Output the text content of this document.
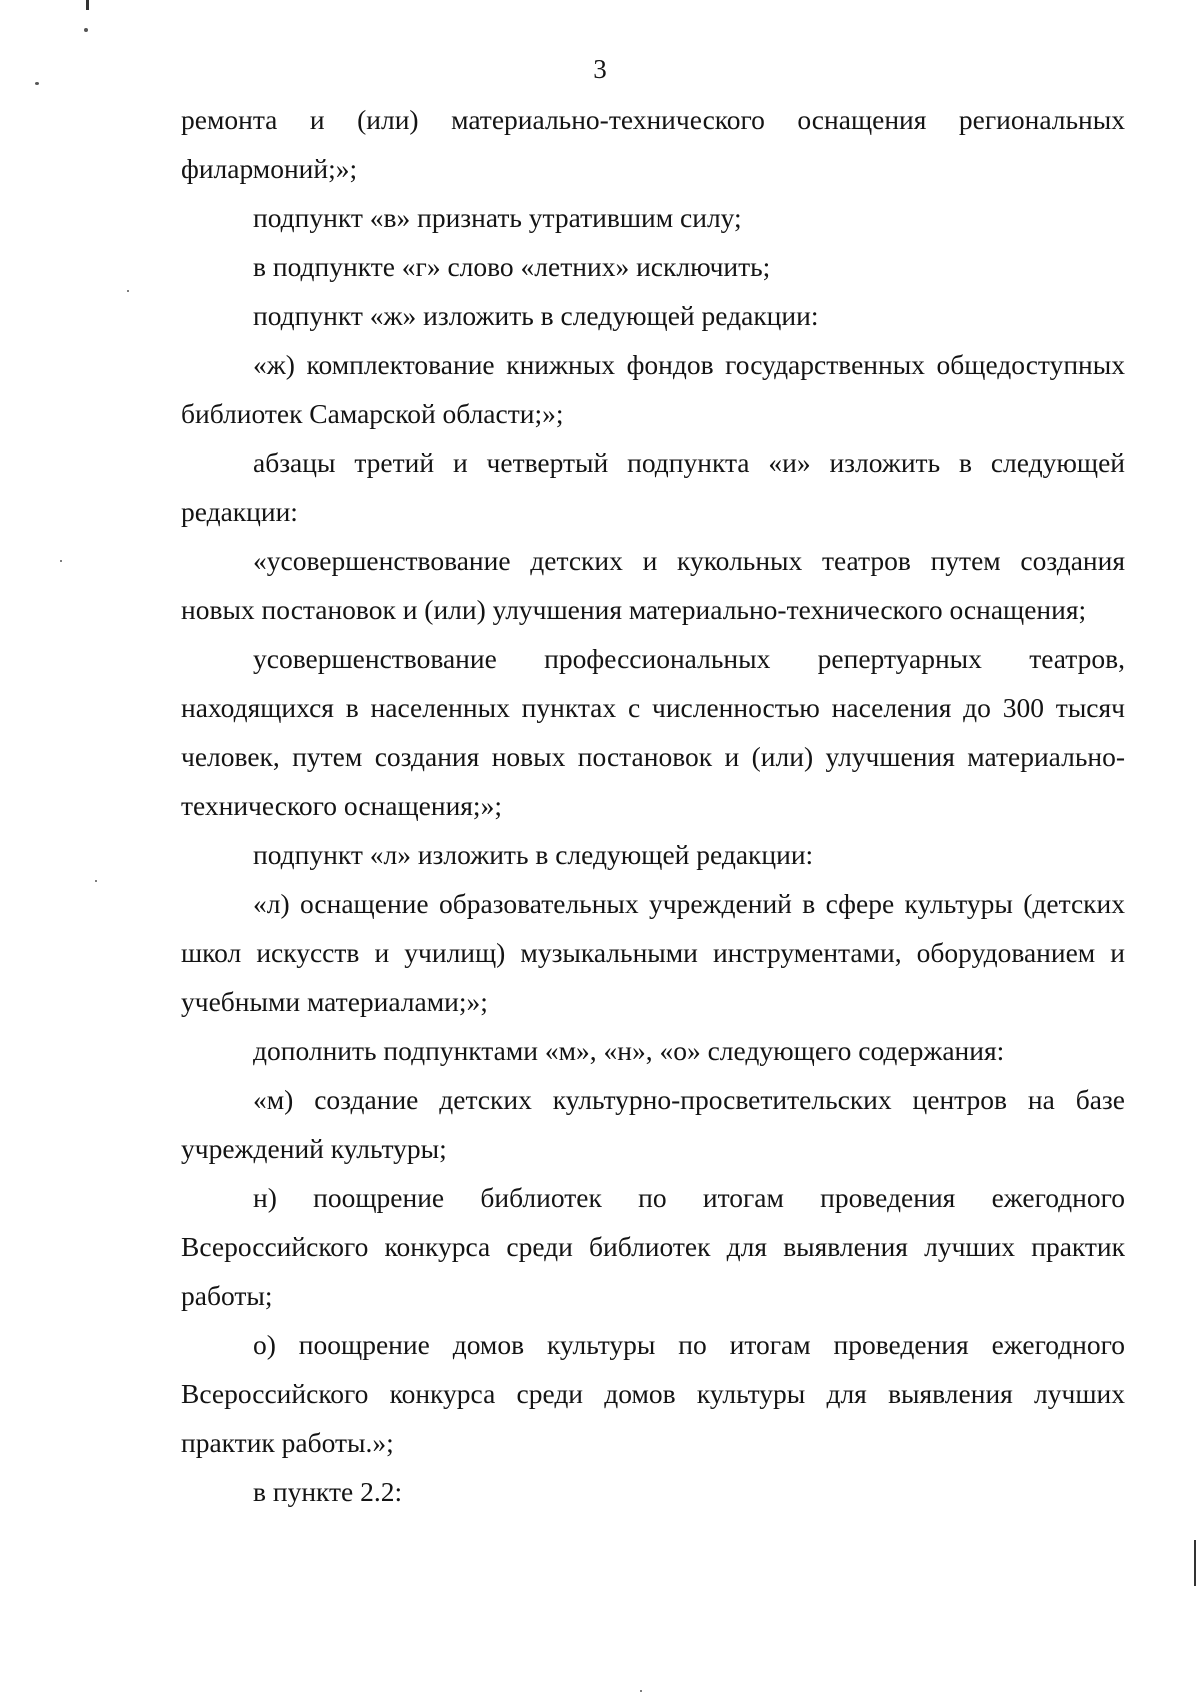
3

ремонта и (или) материально-технического оснащения региональных филармоний;»;

подпункт «в» признать утратившим силу;

в подпункте «г» слово «летних» исключить;

подпункт «ж» изложить в следующей редакции:

«ж) комплектование книжных фондов государственных общедоступных библиотек Самарской области;»;

абзацы третий и четвертый подпункта «и» изложить в следующей редакции:

«усовершенствование детских и кукольных театров путем создания новых постановок и (или) улучшения материально-технического оснащения;

усовершенствование профессиональных репертуарных театров, находящихся в населенных пунктах с численностью населения до 300 тысяч человек, путем создания новых постановок и (или) улучшения материально-технического оснащения;»;

подпункт «л» изложить в следующей редакции:

«л) оснащение образовательных учреждений в сфере культуры (детских школ искусств и училищ) музыкальными инструментами, оборудованием и учебными материалами;»;

дополнить подпунктами «м», «н», «о» следующего содержания:

«м) создание детских культурно-просветительских центров на базе учреждений культуры;

н) поощрение библиотек по итогам проведения ежегодного Всероссийского конкурса среди библиотек для выявления лучших практик работы;

о) поощрение домов культуры по итогам проведения ежегодного Всероссийского конкурса среди домов культуры для выявления лучших практик работы.»;

в пункте 2.2:
